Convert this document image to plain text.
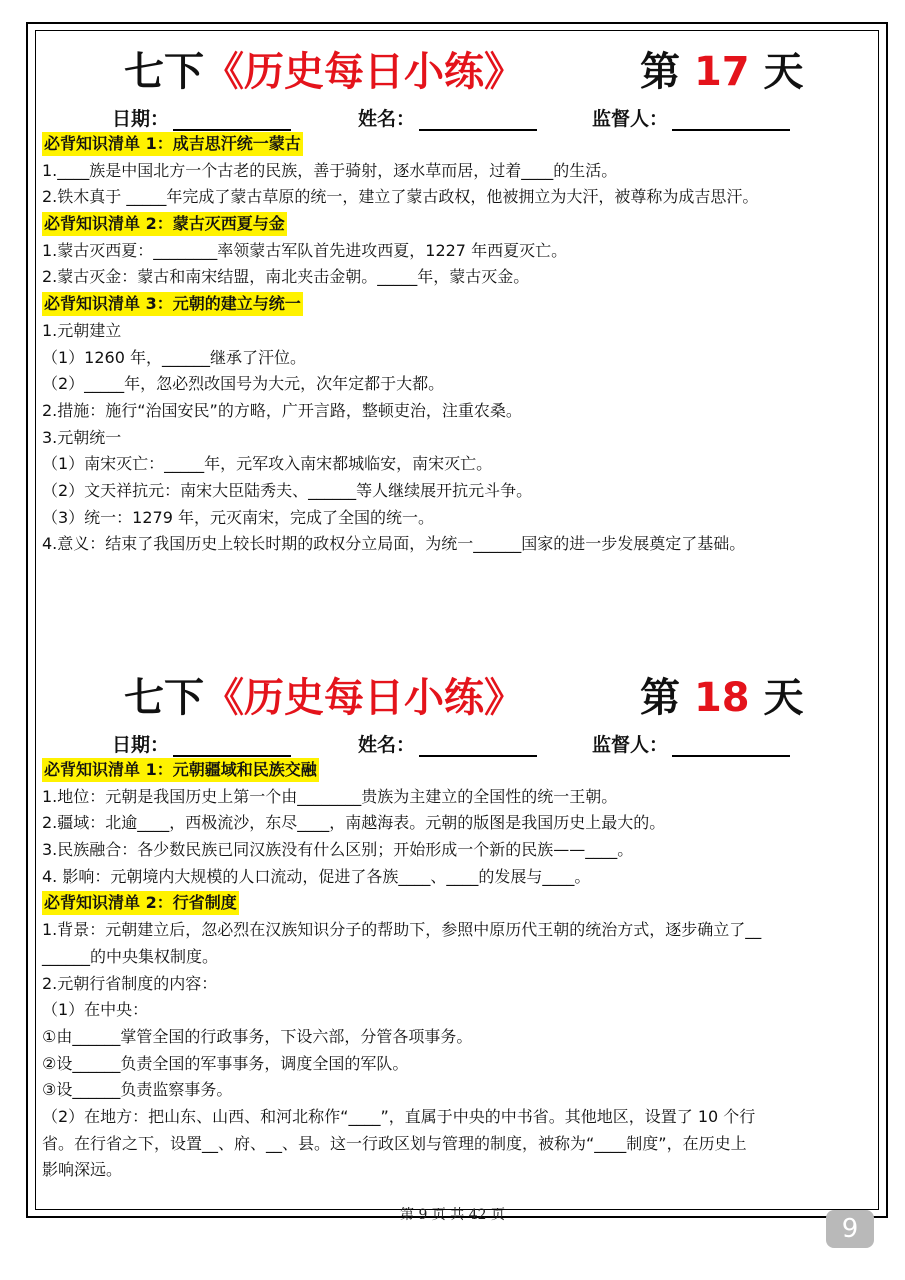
七下《历史每日小练》	第 17 天
日期：	姓名：	监督人：
必背知识清单 1：成吉思汗统一蒙古
1.____族是中国北方一个古老的民族，善于骑射，逐水草而居，过着____的生活。
2.铁木真于 _____年完成了蒙古草原的统一，建立了蒙古政权，他被拥立为大汗，被尊称为成吉思汗。
必背知识清单 2：蒙古灭西夏与金
1.蒙古灭西夏：________率领蒙古军队首先进攻西夏，1227 年西夏灭亡。
2.蒙古灭金：蒙古和南宋结盟，南北夹击金朝。_____年，蒙古灭金。
必背知识清单 3：元朝的建立与统一
1.元朝建立
（1）1260 年，______继承了汗位。
（2）_____年，忽必烈改国号为大元，次年定都于大都。
2.措施：施行“治国安民”的方略，广开言路，整顿吏治，注重农桑。
3.元朝统一
（1）南宋灭亡：_____年，元军攻入南宋都城临安，南宋灭亡。
（2）文天祥抗元：南宋大臣陆秀夫、______等人继续展开抗元斗争。
（3）统一：1279 年，元灭南宋，完成了全国的统一。
4.意义：结束了我国历史上较长时期的政权分立局面，为统一______国家的进一步发展奠定了基础。
七下《历史每日小练》	第 18 天
日期：	姓名：	监督人：
必背知识清单 1：元朝疆域和民族交融
1.地位：元朝是我国历史上第一个由________贵族为主建立的全国性的统一王朝。
2.疆域：北逾____，西极流沙，东尽____，南越海表。元朝的版图是我国历史上最大的。
3.民族融合：各少数民族已同汉族没有什么区别；开始形成一个新的民族——____。
4. 影响：元朝境内大规模的人口流动，促进了各族____、____的发展与____。
必背知识清单 2：行省制度
1.背景：元朝建立后，忽必烈在汉族知识分子的帮助下，参照中原历代王朝的统治方式，逐步确立了__
______的中央集权制度。
2.元朝行省制度的内容：
（1）在中央：
①由______掌管全国的行政事务，下设六部，分管各项事务。
②设______负责全国的军事事务，调度全国的军队。
③设______负责监察事务。
（2）在地方：把山东、山西、和河北称作“____”，直属于中央的中书省。其他地区，设置了 10 个行
省。在行省之下，设置__、府、__、县。这一行政区划与管理的制度，被称为“____制度”，在历史上
影响深远。
第 9 页 共 42 页	9
